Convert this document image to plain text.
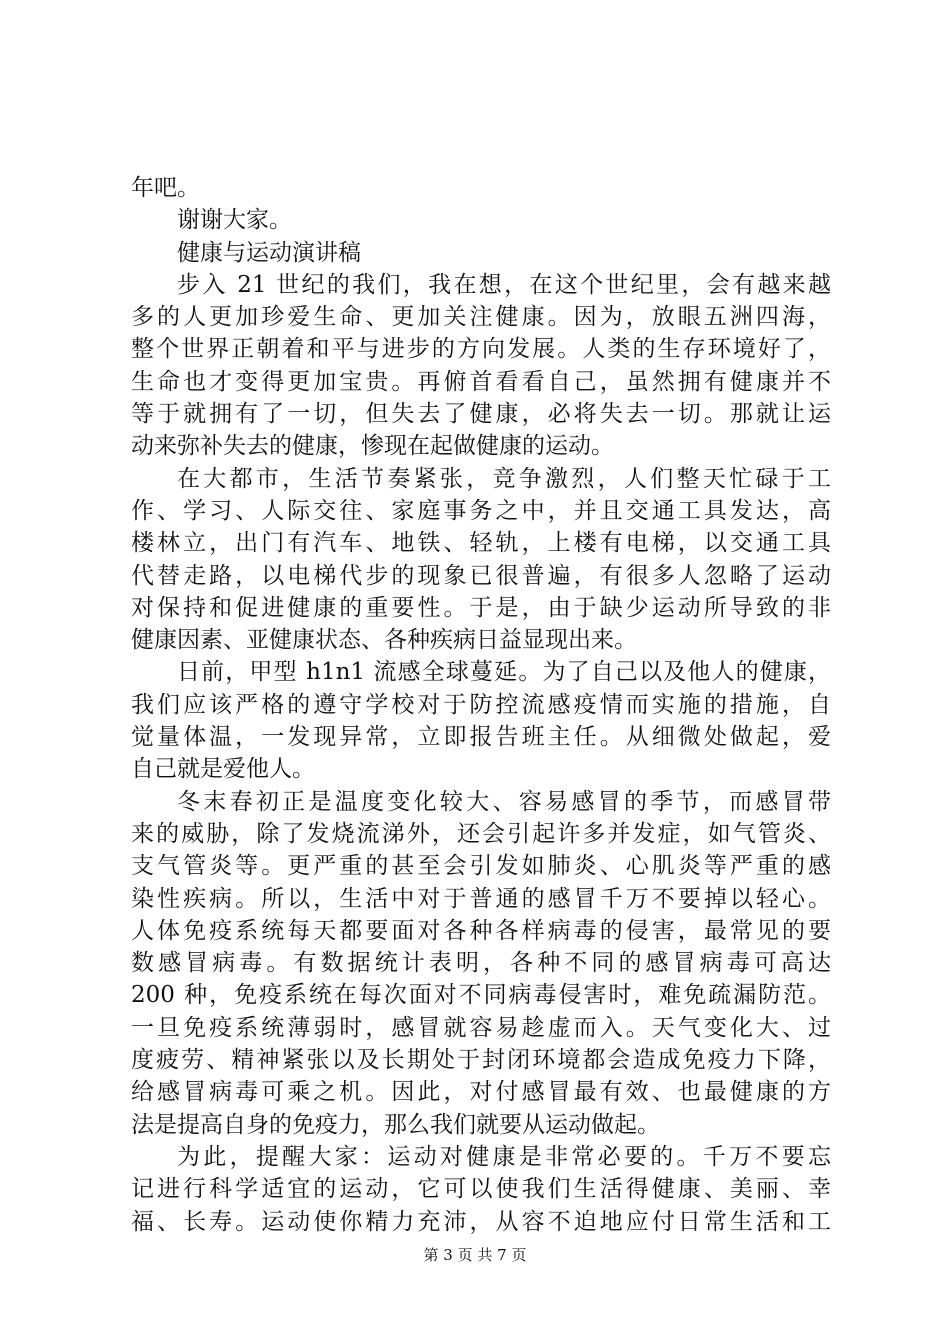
年吧。
谢谢大家。
健康与运动演讲稿
步入 21 世纪的我们，我在想，在这个世纪里，会有越来越
多的人更加珍爱生命、更加关注健康。因为，放眼五洲四海，
整个世界正朝着和平与进步的方向发展。人类的生存环境好了，
生命也才变得更加宝贵。再俯首看看自己，虽然拥有健康并不
等于就拥有了一切，但失去了健康，必将失去一切。那就让运
动来弥补失去的健康，惨现在起做健康的运动。
在大都市，生活节奏紧张，竞争激烈，人们整天忙碌于工
作、学习、人际交往、家庭事务之中，并且交通工具发达，高
楼林立，出门有汽车、地铁、轻轨，上楼有电梯，以交通工具
代替走路，以电梯代步的现象已很普遍，有很多人忽略了运动
对保持和促进健康的重要性。于是，由于缺少运动所导致的非
健康因素、亚健康状态、各种疾病日益显现出来。
日前，甲型 h1n1 流感全球蔓延。为了自己以及他人的健康，
我们应该严格的遵守学校对于防控流感疫情而实施的措施，自
觉量体温，一发现异常，立即报告班主任。从细微处做起，爱
自己就是爱他人。
冬末春初正是温度变化较大、容易感冒的季节，而感冒带
来的威胁，除了发烧流涕外，还会引起许多并发症，如气管炎、
支气管炎等。更严重的甚至会引发如肺炎、心肌炎等严重的感
染性疾病。所以，生活中对于普通的感冒千万不要掉以轻心。
人体免疫系统每天都要面对各种各样病毒的侵害，最常见的要
数感冒病毒。有数据统计表明，各种不同的感冒病毒可高达
200 种，免疫系统在每次面对不同病毒侵害时，难免疏漏防范。
一旦免疫系统薄弱时，感冒就容易趁虚而入。天气变化大、过
度疲劳、精神紧张以及长期处于封闭环境都会造成免疫力下降，
给感冒病毒可乘之机。因此，对付感冒最有效、也最健康的方
法是提高自身的免疫力，那么我们就要从运动做起。
为此，提醒大家：运动对健康是非常必要的。千万不要忘
记进行科学适宜的运动，它可以使我们生活得健康、美丽、幸
福、长寿。运动使你精力充沛，从容不迫地应付日常生活和工
第 3 页 共 7 页
